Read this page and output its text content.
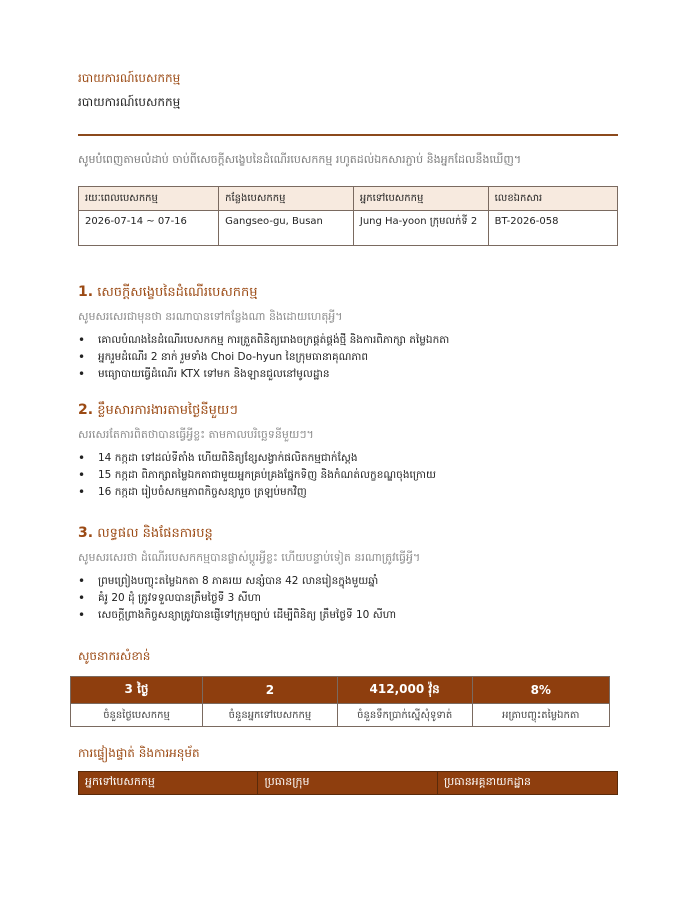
របាយការណ៍បេសកកម្ម
របាយការណ៍បេសកកម្ម
សូមបំពេញតាមលំដាប់ ចាប់ពីសេចក្ដីសង្ខេបនៃដំណើរបេសកកម្ម រហូតដល់ឯកសារភ្ជាប់ និងអ្នកដែលនឹងឃើញ។
រយៈពេលបេសកកម្ម	កន្លែងបេសកកម្ម	អ្នកទៅបេសកកម្ម	លេខឯកសារ
2026-07-14 ~ 07-16	Gangseo-gu, Busan	Jung Ha-yoon ក្រុមលក់ទី 2	BT-2026-058
1. សេចក្ដីសង្ខេបនៃដំណើរបេសកកម្ម
សូមសរសេរជាមុនថា នរណាបានទៅកន្លែងណា និងដោយហេតុអ្វី។
• គោលបំណងនៃដំណើរបេសកកម្ម ការត្រួតពិនិត្យរោងចក្រផ្គត់ផ្គង់ថ្មី និងការពិភាក្សា តម្លៃឯកតា
• អ្នករួមដំណើរ 2 នាក់ រួមទាំង Choi Do-hyun នៃក្រុមធានាគុណភាព
• មធ្យោបាយធ្វើដំណើរ KTX ទៅមក និងឡានជួលនៅមូលដ្ឋាន
2. ខ្លឹមសារការងារតាមថ្ងៃនីមួយៗ
សរសេរតែការពិតថាបានធ្វើអ្វីខ្លះ តាមកាលបរិច្ឆេទនីមួយៗ។
• 14 កក្កដា ទៅដល់ទីតាំង ហើយពិនិត្យខ្សែសង្វាក់ផលិតកម្មជាក់ស្តែង
• 15 កក្កដា ពិភាក្សាតម្លៃឯកតាជាមួយអ្នកគ្រប់គ្រងផ្នែកទិញ និងកំណត់លក្ខខណ្ឌចុងក្រោយ
• 16 កក្កដា រៀបចំសកម្មភាពកិច្ចសន្យារួច ត្រឡប់មកវិញ
3. លទ្ធផល និងផែនការបន្ត
សូមសរសេរថា ដំណើរបេសកកម្មបានផ្លាស់ប្ដូរអ្វីខ្លះ ហើយបន្ទាប់ទៀត នរណាត្រូវធ្វើអ្វី។
• ព្រមព្រៀងបញ្ចុះតម្លៃឯកតា 8 ភាគរយ សន្សំបាន 42 លានរៀនក្នុងមួយឆ្នាំ
• គំរូ 20 ដុំ ត្រូវទទួលបានត្រឹមថ្ងៃទី 3 សីហា
• សេចក្ដីព្រាងកិច្ចសន្យាត្រូវបានផ្ញើទៅក្រុមច្បាប់ ដើម្បីពិនិត្យ ត្រឹមថ្ងៃទី 10 សីហា
សូចនាករសំខាន់
3 ថ្ងៃ	2	412,000 វ៉ុន	8%
ចំនួនថ្ងៃបេសកកម្ម	ចំនួនអ្នកទៅបេសកកម្ម	ចំនួនទឹកប្រាក់ស្នើសុំទូទាត់	អត្រាបញ្ចុះតម្លៃឯកតា
ការផ្ទៀងផ្ទាត់ និងការអនុម័ត
អ្នកទៅបេសកកម្ម	ប្រធានក្រុម	ប្រធានអគ្គនាយកដ្ឋាន
